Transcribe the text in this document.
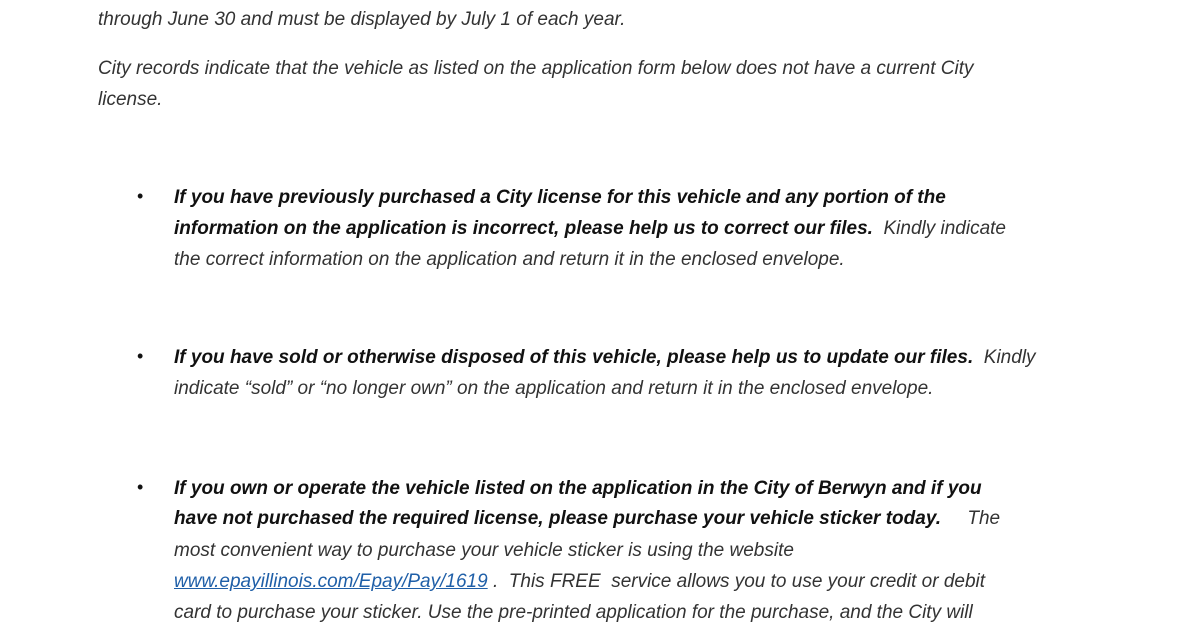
through June 30 and must be displayed by July 1 of each year.
City records indicate that the vehicle as listed on the application form below does not have a current City
license.
• If you have previously purchased a City license for this vehicle and any portion of the
information on the application is incorrect, please help us to correct our files.  Kindly indicate
the correct information on the application and return it in the enclosed envelope.
• If you have sold or otherwise disposed of this vehicle, please help us to update our files.  Kindly
indicate “sold” or “no longer own” on the application and return it in the enclosed envelope.
• If you own or operate the vehicle listed on the application in the City of Berwyn and if you
have not purchased the required license, please purchase your vehicle sticker today.     The
most convenient way to purchase your vehicle sticker is using the website
www.epayillinois.com/Epay/Pay/1619 .  This FREE  service allows you to use your credit or debit
card to purchase your sticker. Use the pre-printed application for the purchase, and the City will
